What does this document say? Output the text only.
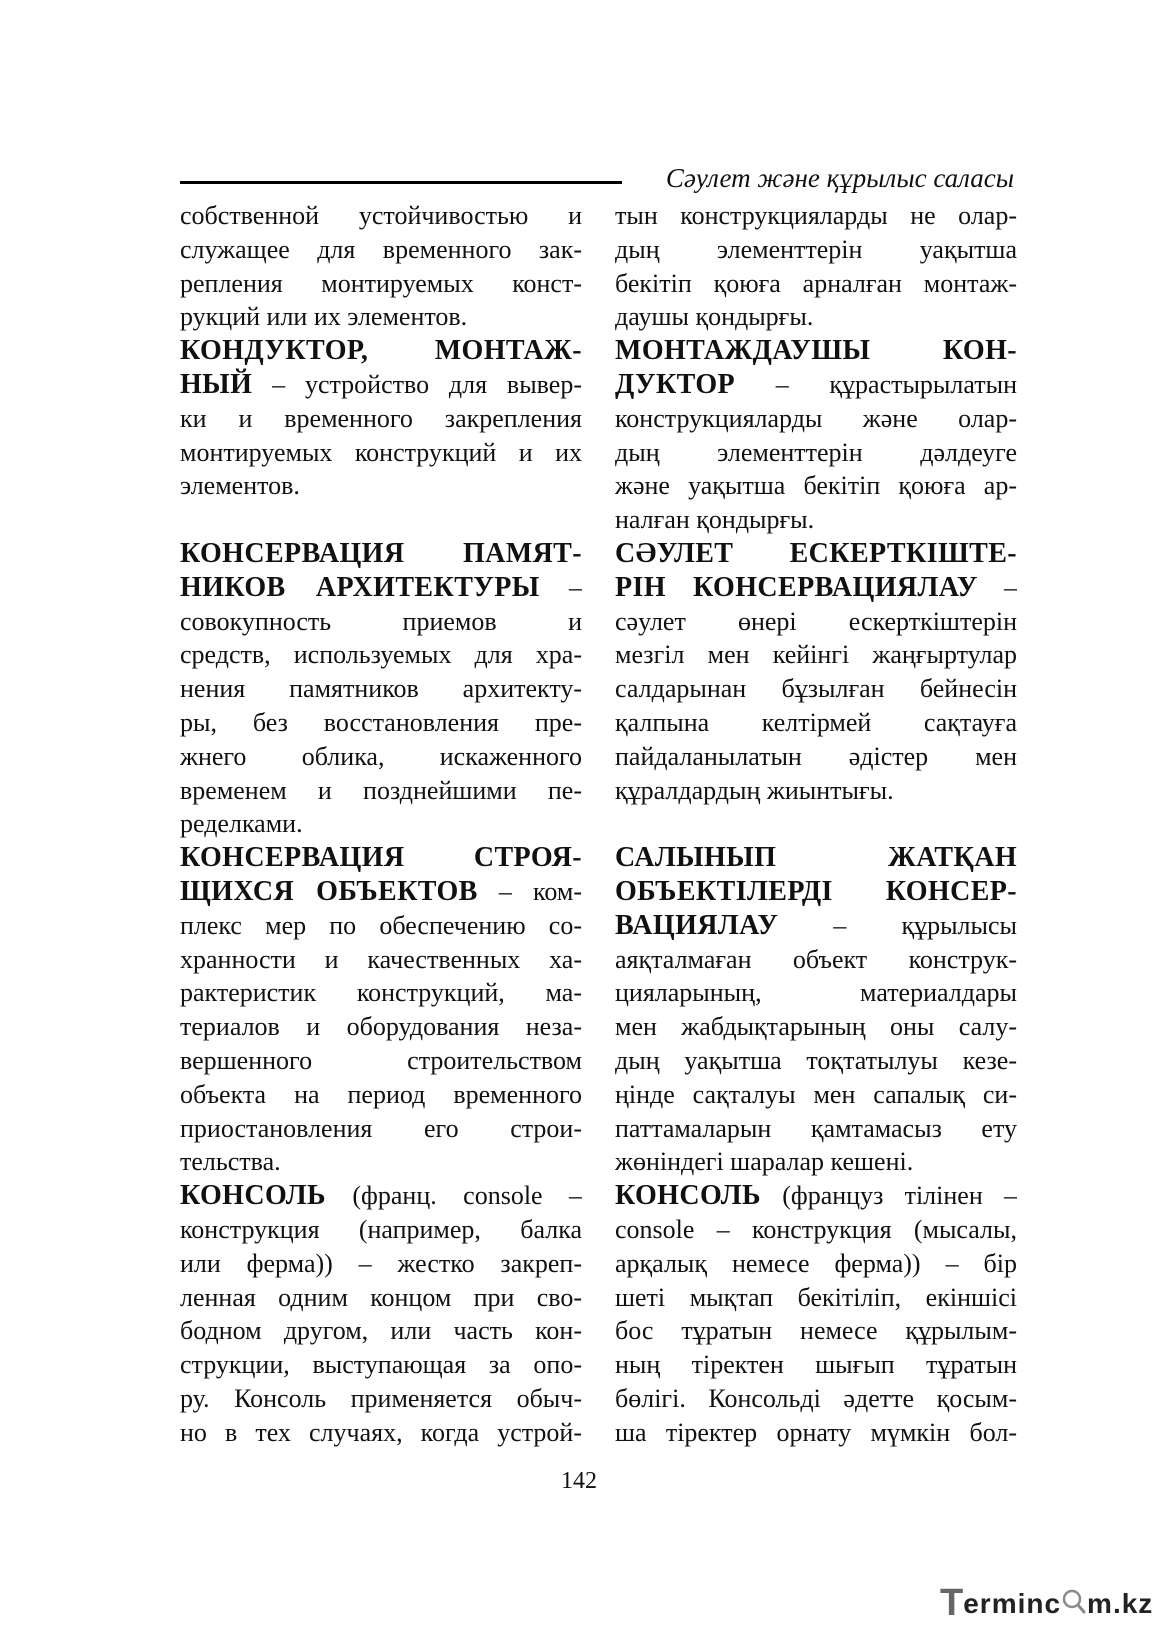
Сәулет және құрылыс саласы
собственной устойчивостью и
служащее для временного зак-
репления монтируемых конст-
рукций или их элементов.
КОНДУКТОР, МОНТАЖ-
НЫЙ – устройство для вывер-
ки и временного закрепления
монтируемых конструкций и их
элементов.
КОНСЕРВАЦИЯ ПАМЯТ-
НИКОВ АРХИТЕКТУРЫ –
совокупность приемов и
средств, используемых для хра-
нения памятников архитекту-
ры, без восстановления пре-
жнего облика, искаженного
временем и позднейшими пе-
ределками.
КОНСЕРВАЦИЯ СТРОЯ-
ЩИХСЯ ОБЪЕКТОВ – ком-
плекс мер по обеспечению со-
хранности и качественных ха-
рактеристик конструкций, ма-
териалов и оборудования неза-
вершенного строительством
объекта на период временного
приостановления его строи-
тельства.
КОНСОЛЬ (франц. console –
конструкция (например, балка
или ферма)) – жестко закреп-
ленная одним концом при сво-
бодном другом, или часть кон-
струкции, выступающая за опо-
ру. Консоль применяется обыч-
но в тех случаях, когда устрой-
тын конструкцияларды не олар-
дың элементтерін уақытша
бекітіп қоюға арналған монтаж-
даушы қондырғы.
МОНТАЖДАУШЫ КОН-
ДУКТОР – құрастырылатын
конструкцияларды және олар-
дың элементтерін дәлдеуге
және уақытша бекітіп қоюға ар-
налған қондырғы.
СӘУЛЕТ ЕСКЕРТКІШТЕ-
РІН КОНСЕРВАЦИЯЛАУ –
сәулет өнері ескерткіштерін
мезгіл мен кейінгі жаңғыртулар
салдарынан бұзылған бейнесін
қалпына келтірмей сақтауға
пайдаланылатын әдістер мен
құралдардың жиынтығы.
САЛЫНЫП ЖАТҚАН
ОБЪЕКТІЛЕРДІ КОНСЕР-
ВАЦИЯЛАУ – құрылысы
аяқталмаған объект конструк-
цияларының, материалдары
мен жабдықтарының оны салу-
дың уақытша тоқтатылуы кезе-
ңінде сақталуы мен сапалық си-
паттамаларын қамтамасыз ету
жөніндегі шаралар кешені.
КОНСОЛЬ (француз тілінен –
console – конструкция (мысалы,
арқалық немесе ферма)) – бір
шеті мықтап бекітіліп, екіншісі
бос тұратын немесе құрылым-
ның тіректен шығып тұратын
бөлігі. Консольді әдетте қосым-
ша тіректер орнату мүмкін бол-
142
Terminc m.kz
